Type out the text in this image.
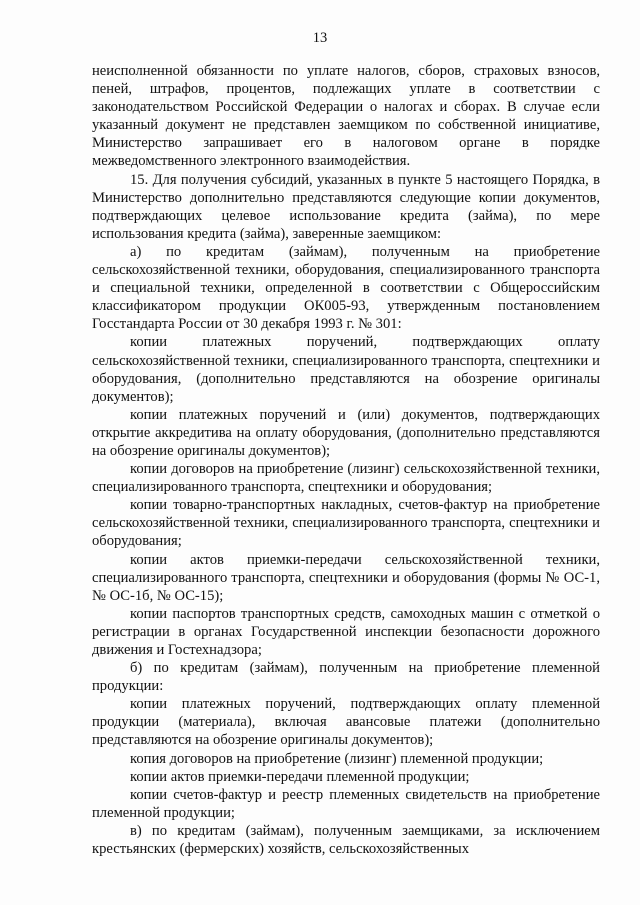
13

неисполненной обязанности по уплате налогов, сборов, страховых взносов, пеней, штрафов, процентов, подлежащих уплате в соответствии с законодательством Российской Федерации о налогах и сборах. В случае если указанный документ не представлен заемщиком по собственной инициативе, Министерство запрашивает его в налоговом органе в порядке межведомственного электронного взаимодействия.

15. Для получения субсидий, указанных в пункте 5 настоящего Порядка, в Министерство дополнительно представляются следующие копии документов, подтверждающих целевое использование кредита (займа), по мере использования кредита (займа), заверенные заемщиком:

а) по кредитам (займам), полученным на приобретение сельскохозяйственной техники, оборудования, специализированного транспорта и специальной техники, определенной в соответствии с Общероссийским классификатором продукции ОК005-93, утвержденным постановлением Госстандарта России от 30 декабря 1993 г. № 301:

копии платежных поручений, подтверждающих оплату сельскохозяйственной техники, специализированного транспорта, спецтехники и оборудования, (дополнительно представляются на обозрение оригиналы документов);

копии платежных поручений и (или) документов, подтверждающих открытие аккредитива на оплату оборудования, (дополнительно представляются на обозрение оригиналы документов);

копии договоров на приобретение (лизинг) сельскохозяйственной техники, специализированного транспорта, спецтехники и оборудования;

копии товарно-транспортных накладных, счетов-фактур на приобретение сельскохозяйственной техники, специализированного транспорта, спецтехники и оборудования;

копии актов приемки-передачи сельскохозяйственной техники, специализированного транспорта, спецтехники и оборудования (формы № ОС-1, № ОС-1б, № ОС-15);

копии паспортов транспортных средств, самоходных машин с отметкой о регистрации в органах Государственной инспекции безопасности дорожного движения и Гостехнадзора;

б) по кредитам (займам), полученным на приобретение племенной продукции:

копии платежных поручений, подтверждающих оплату племенной продукции (материала), включая авансовые платежи (дополнительно представляются на обозрение оригиналы документов);

копия договоров на приобретение (лизинг) племенной продукции;

копии актов приемки-передачи племенной продукции;

копии счетов-фактур и реестр племенных свидетельств на приобретение племенной продукции;

в) по кредитам (займам), полученным заемщиками, за исключением крестьянских (фермерских) хозяйств, сельскохозяйственных
